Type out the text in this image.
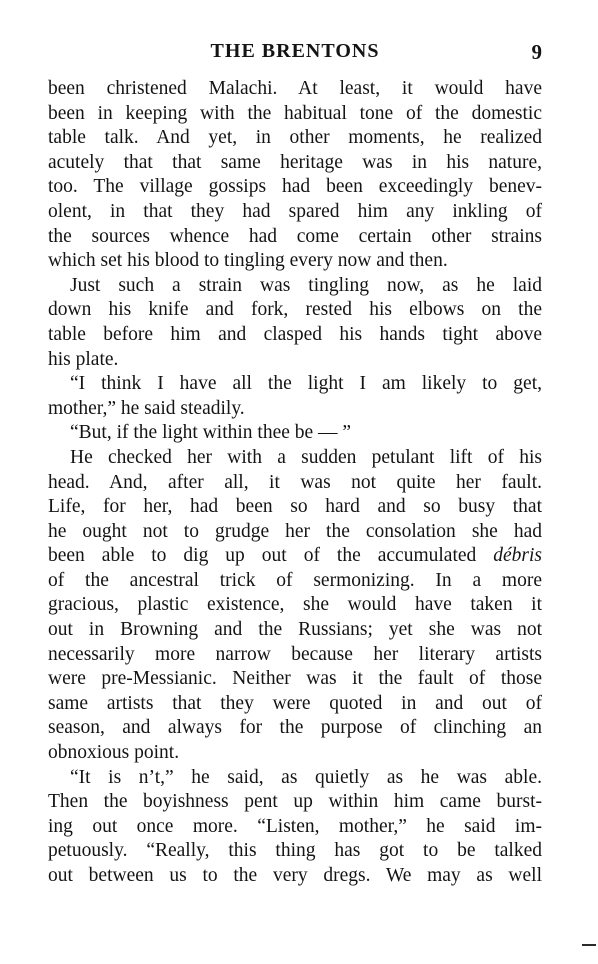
THE BRENTONS	9
been christened Malachi. At least, it would have
been in keeping with the habitual tone of the domestic
table talk. And yet, in other moments, he realized
acutely that that same heritage was in his nature,
too. The village gossips had been exceedingly benev-
olent, in that they had spared him any inkling of
the sources whence had come certain other strains
which set his blood to tingling every now and then.
Just such a strain was tingling now, as he laid
down his knife and fork, rested his elbows on the
table before him and clasped his hands tight above
his plate.
“I think I have all the light I am likely to get,
mother,” he said steadily.
“But, if the light within thee be — ”
He checked her with a sudden petulant lift of his
head. And, after all, it was not quite her fault.
Life, for her, had been so hard and so busy that
he ought not to grudge her the consolation she had
been able to dig up out of the accumulated débris
of the ancestral trick of sermonizing. In a more
gracious, plastic existence, she would have taken it
out in Browning and the Russians; yet she was not
necessarily more narrow because her literary artists
were pre-Messianic. Neither was it the fault of those
same artists that they were quoted in and out of
season, and always for the purpose of clinching an
obnoxious point.
“It is n’t,” he said, as quietly as he was able.
Then the boyishness pent up within him came burst-
ing out once more. “Listen, mother,” he said im-
petuously. “Really, this thing has got to be talked
out between us to the very dregs. We may as well
